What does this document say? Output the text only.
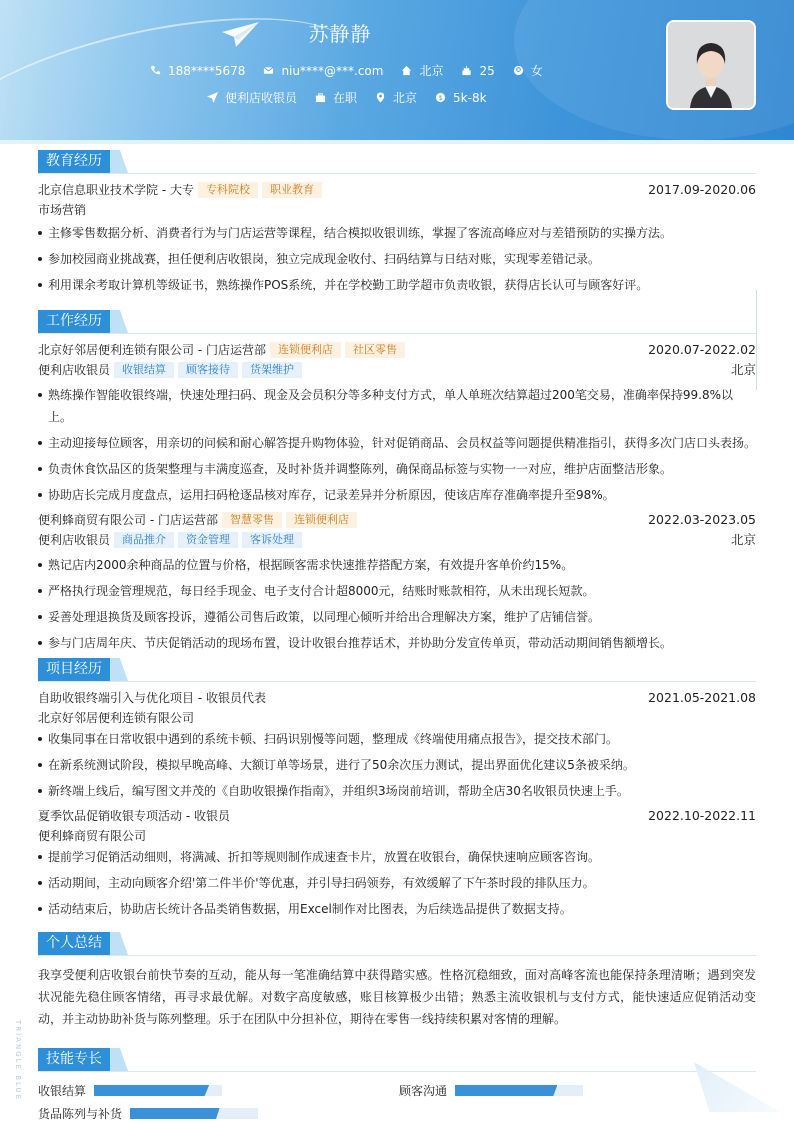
苏静静
188****5678	niu****@***.com	北京	25	女
便利店收银员	在职	北京	$ 5k-8k
教育经历
北京信息职业技术学院 - 大专 专科院校 职业教育	2017.09-2020.06
市场营销
主修零售数据分析、消费者行为与门店运营等课程，结合模拟收银训练，掌握了客流高峰应对与差错预防的实操方法。
参加校园商业挑战赛，担任便利店收银岗，独立完成现金收付、扫码结算与日结对账，实现零差错记录。
利用课余考取计算机等级证书，熟练操作POS系统，并在学校勤工助学超市负责收银，获得店长认可与顾客好评。
工作经历
北京好邻居便利连锁有限公司 - 门店运营部 连锁便利店 社区零售	2020.07-2022.02
便利店收银员 收银结算 顾客接待 货架维护	北京
熟练操作智能收银终端，快速处理扫码、现金及会员积分等多种支付方式，单人单班次结算超过200笔交易，准确率保持99.8%以上。
主动迎接每位顾客，用亲切的问候和耐心解答提升购物体验，针对促销商品、会员权益等问题提供精准指引，获得多次门店口头表扬。
负责休食饮品区的货架整理与丰满度巡查，及时补货并调整陈列，确保商品标签与实物一一对应，维护店面整洁形象。
协助店长完成月度盘点，运用扫码枪逐品核对库存，记录差异并分析原因，使该店库存准确率提升至98%。
便利蜂商贸有限公司 - 门店运营部 智慧零售 连锁便利店	2022.03-2023.05
便利店收银员 商品推介 资金管理 客诉处理	北京
熟记店内2000余种商品的位置与价格，根据顾客需求快速推荐搭配方案，有效提升客单价约15%。
严格执行现金管理规范，每日经手现金、电子支付合计超8000元，结账时账款相符，从未出现长短款。
妥善处理退换货及顾客投诉，遵循公司售后政策，以同理心倾听并给出合理解决方案，维护了店铺信誉。
参与门店周年庆、节庆促销活动的现场布置，设计收银台推荐话术，并协助分发宣传单页，带动活动期间销售额增长。
项目经历
自助收银终端引入与优化项目 - 收银员代表	2021.05-2021.08
北京好邻居便利连锁有限公司
收集同事在日常收银中遇到的系统卡顿、扫码识别慢等问题，整理成《终端使用痛点报告》，提交技术部门。
在新系统测试阶段，模拟早晚高峰、大额订单等场景，进行了50余次压力测试，提出界面优化建议5条被采纳。
新终端上线后，编写图文并茂的《自助收银操作指南》，并组织3场岗前培训，帮助全店30名收银员快速上手。
夏季饮品促销收银专项活动 - 收银员	2022.10-2022.11
便利蜂商贸有限公司
提前学习促销活动细则，将满减、折扣等规则制作成速查卡片，放置在收银台，确保快速响应顾客咨询。
活动期间，主动向顾客介绍'第二件半价'等优惠，并引导扫码领券，有效缓解了下午茶时段的排队压力。
活动结束后，协助店长统计各品类销售数据，用Excel制作对比图表，为后续选品提供了数据支持。
个人总结
我享受便利店收银台前快节奏的互动，能从每一笔准确结算中获得踏实感。性格沉稳细致，面对高峰客流也能保持条理清晰；遇到突发状况能先稳住顾客情绪，再寻求最优解。对数字高度敏感，账目核算极少出错；熟悉主流收银机与支付方式，能快速适应促销活动变动，并主动协助补货与陈列整理。乐于在团队中分担补位，期待在零售一线持续积累对客情的理解。
技能专长
收银结算	顾客沟通
货品陈列与补货
TRIANGLE BLUE
